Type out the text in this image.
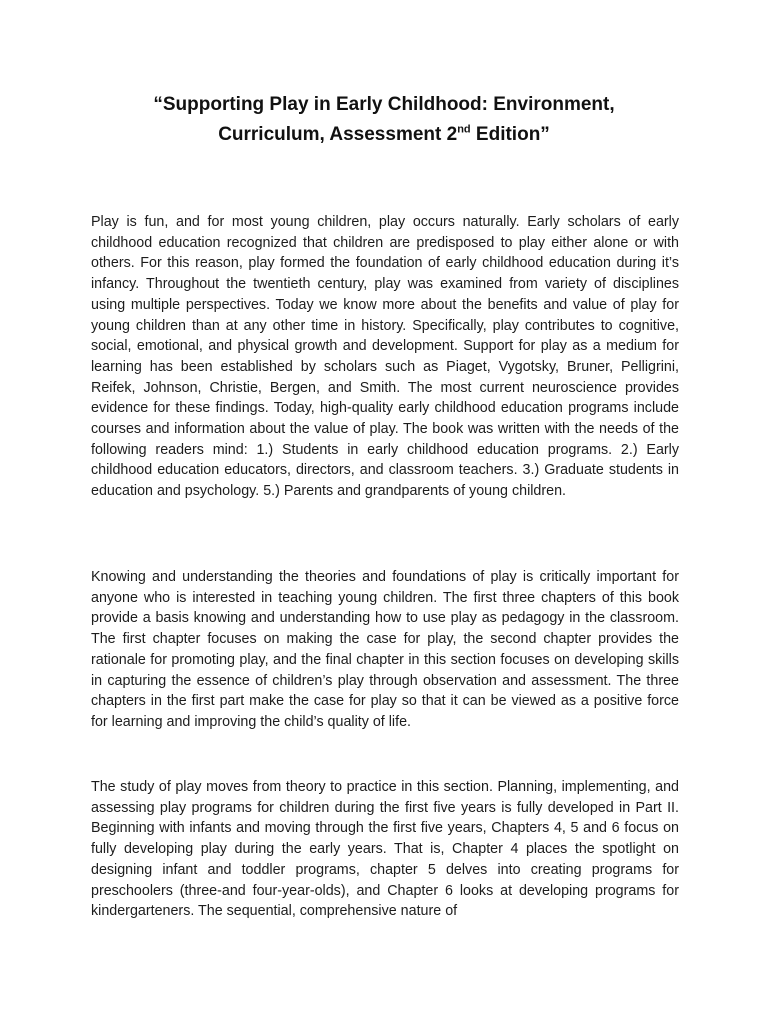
“Supporting Play in Early Childhood: Environment,
Curriculum, Assessment 2nd Edition”

Play is fun, and for most young children, play occurs naturally. Early scholars of early childhood education recognized that children are predisposed to play either alone or with others. For this reason, play formed the foundation of early childhood education during it’s infancy. Throughout the twentieth century, play was examined from variety of disciplines using multiple perspectives. Today we know more about the benefits and value of play for young children than at any other time in history. Specifically, play contributes to cognitive, social, emotional, and physical growth and development. Support for play as a medium for learning has been established by scholars such as Piaget, Vygotsky, Bruner, Pelligrini, Reifek, Johnson, Christie, Bergen, and Smith. The most current neuroscience provides evidence for these findings. Today, high-quality early childhood education programs include courses and information about the value of play. The book was written with the needs of the following readers mind: 1.) Students in early childhood education programs. 2.) Early childhood education educators, directors, and classroom teachers. 3.) Graduate students in education and psychology. 5.) Parents and grandparents of young children.

Knowing and understanding the theories and foundations of play is critically important for anyone who is interested in teaching young children. The first three chapters of this book provide a basis knowing and understanding how to use play as pedagogy in the classroom. The first chapter focuses on making the case for play, the second chapter provides the rationale for promoting play, and the final chapter in this section focuses on developing skills in capturing the essence of children’s play through observation and assessment. The three chapters in the first part make the case for play so that it can be viewed as a positive force for learning and improving the child’s quality of life.

The study of play moves from theory to practice in this section. Planning, implementing, and assessing play programs for children during the first five years is fully developed in Part II. Beginning with infants and moving through the first five years, Chapters 4, 5 and 6 focus on fully developing play during the early years. That is, Chapter 4 places the spotlight on designing infant and toddler programs, chapter 5 delves into creating programs for preschoolers (three-and four-year-olds), and Chapter 6 looks at developing programs for kindergarteners. The sequential, comprehensive nature of
